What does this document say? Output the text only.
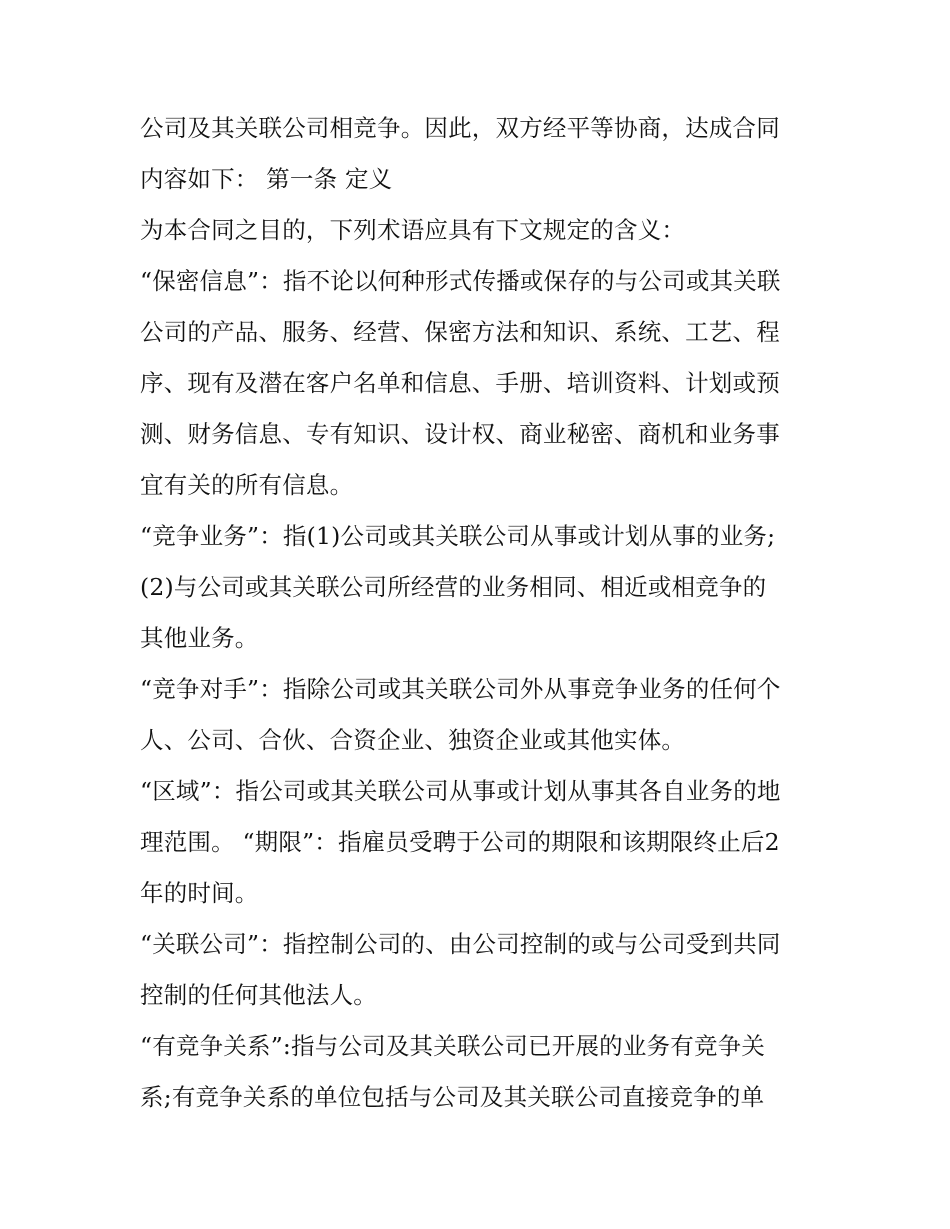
公司及其关联公司相竞争。因此，双方经平等协商，达成合同
内容如下： 第一条 定义
为本合同之目的，下列术语应具有下文规定的含义：
“保密信息”：指不论以何种形式传播或保存的与公司或其关联
公司的产品、服务、经营、保密方法和知识、系统、工艺、程
序、现有及潜在客户名单和信息、手册、培训资料、计划或预
测、财务信息、专有知识、设计权、商业秘密、商机和业务事
宜有关的所有信息。
“竞争业务”：指(1)公司或其关联公司从事或计划从事的业务;
(2)与公司或其关联公司所经营的业务相同、相近或相竞争的
其他业务。
“竞争对手”：指除公司或其关联公司外从事竞争业务的任何个
人、公司、合伙、合资企业、独资企业或其他实体。
“区域”：指公司或其关联公司从事或计划从事其各自业务的地
理范围。 “期限”：指雇员受聘于公司的期限和该期限终止后2
年的时间。
“关联公司”：指控制公司的、由公司控制的或与公司受到共同
控制的任何其他法人。
“有竞争关系”:指与公司及其关联公司已开展的业务有竞争关
系;有竞争关系的单位包括与公司及其关联公司直接竞争的单
